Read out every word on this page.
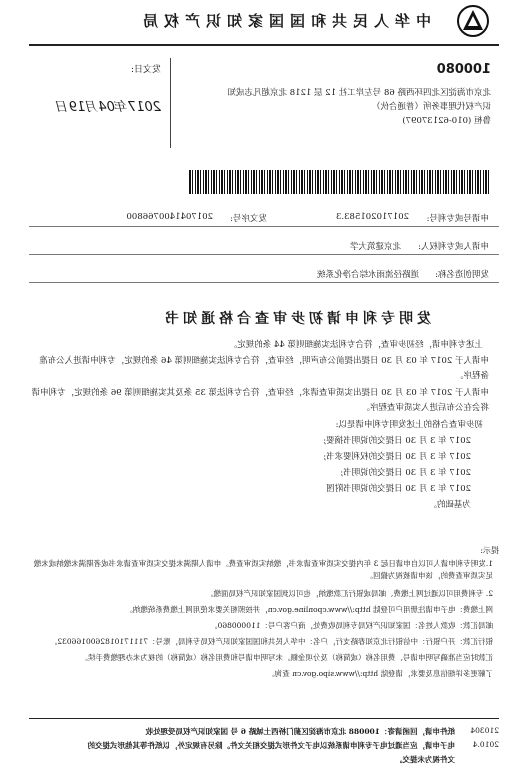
中华人民共和国国家知识产权局
发文日:
2017年04月19日
100080
北京市海淀区北四环西路 68 号左岸工社 12 层 1218 北京超凡志成知
识产权代理事务所（普通合伙）
鲁桓 (010-62137097)
申请号或专利号:
201710201583.3
发文序号:
2017041400766800
申请人或专利权人:
北京建筑大学
发明创造名称:
道路径流雨水综合净化系统
发明专利申请初步审查合格通知书
上述专利申请，经初步审查，符合专利法实施细则第 44 条的规定。
申请人于 2017 年 03 月 30 日提出提前公布声明，经审查，符合专利法实施细则第 46 条的规定，专利申请进入公布准备程序。
申请人于 2017 年 03 月 30 日提出实质审查请求，经审查，符合专利法第 35 条及其实施细则第 96 条的规定，专利申请将会在公布后进入实质审查程序。
初步审查合格的上述发明专利申请是以:
2017 年 3 月 30 日提交的说明书摘要;
2017 年 3 月 30 日提交的权利要求书;
2017 年 3 月 30 日提交的说明书;
2017 年 3 月 30 日提交的说明书附图
为基础的。
提示:
1.发明专利申请人可以自申请日起 3 年内提交实质审查请求书，缴纳实质审查费。申请人期满未提交实质审查请求书或者期满未缴纳或未缴足实质审查费的，该申请被视为撤回。
2. 专利费用可以通过网上缴费、邮局或银行汇款缴纳，也可以到国家知识产权局面缴。
网上缴费：电子申请注册用户可登陆 http://www.cponline.gov.cn，并按照相关要求使用网上缴费系统缴纳。
邮局汇款：收款人姓名：国家知识产权局专利局收费处，商户客户号：110000860。
银行汇款：开户银行：中信银行北京知春路支行，户名：中华人民共和国国家知识产权局专利局，账号：7111710182600166032。
汇款时应当准确写明申请号、费用名称（或简称）及分项金额。未写明申请号和费用名称（或简称）的视为未办理缴费手续。
了解更多详细信息及要求，请登陆 http://www.sipo.gov.cn 查询。
210304
2010.4
纸件申请，回函请寄：100088 北京市海淀区蓟门桥西土城路 6 号 国家知识产权局受理处收
电子申请，应当通过电子专利申请系统以电子文件形式提交相关文件。除另有规定外，以纸件等其他形式提交的
文件视为未提交。
